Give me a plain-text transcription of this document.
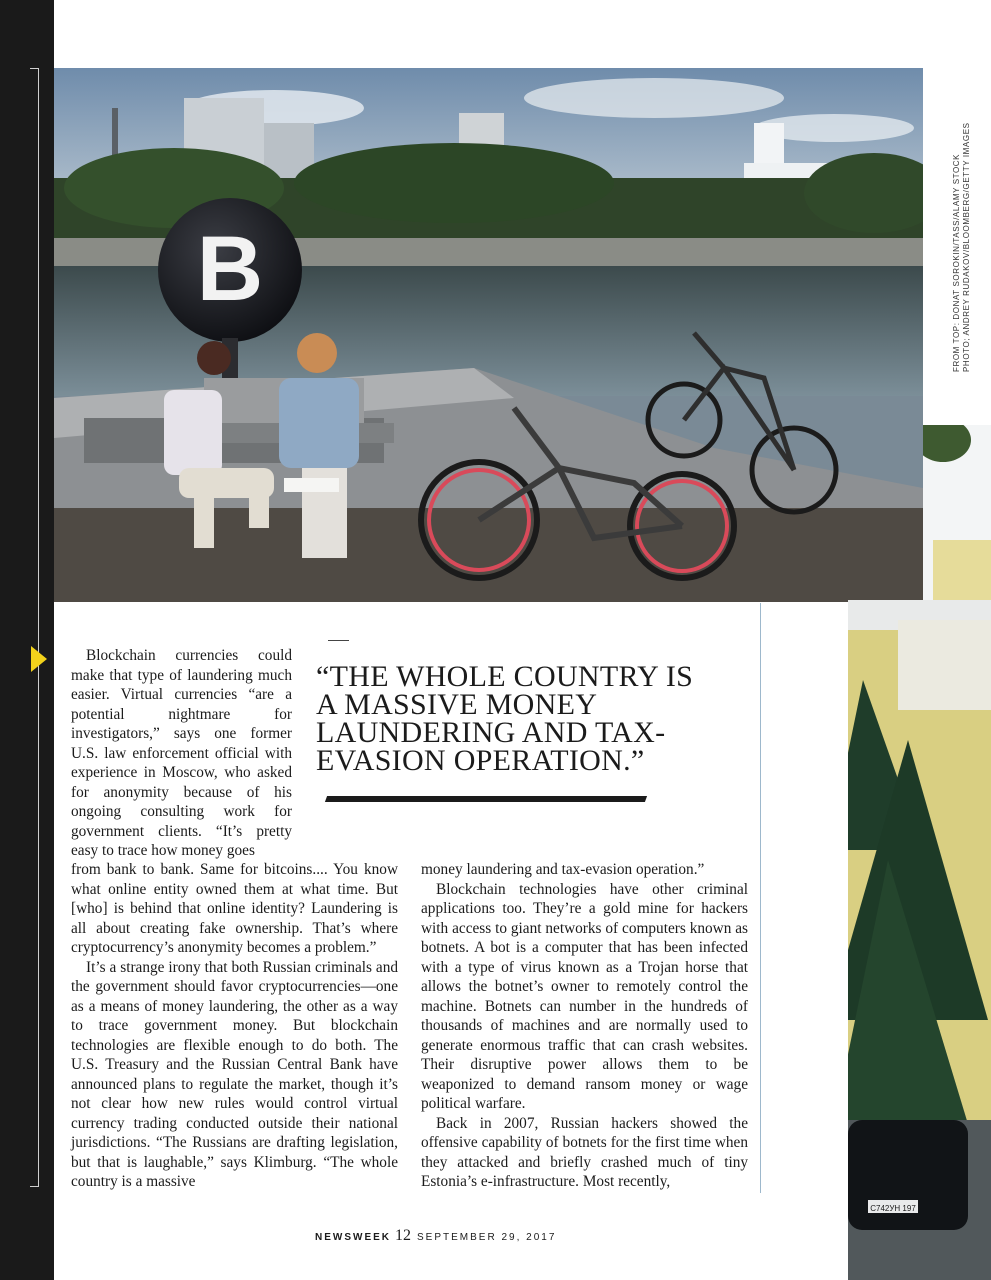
B
С742УН 197
FROM TOP: DONAT SOROKIN/TASS/ALAMY STOCK PHOTO; ANDREY RUDAKOV/BLOOMBERG/GETTY IMAGES
“THE WHOLE COUNTRY IS A MASSIVE MONEY LAUNDERING AND TAX-EVASION OPERATION.”

Blockchain currencies could make that type of laundering much easier. Virtual currencies “are a potential nightmare for investigators,” says one former U.S. law enforcement official with experience in Moscow, who asked for anonymity because of his ongoing consulting work for government clients. “It’s pretty easy to trace how money goes

from bank to bank. Same for bitcoins.... You know what online entity owned them at what time. But [who] is behind that online identity? Laundering is all about creating fake ownership. That’s where cryptocurrency’s anonymity becomes a problem.”

It’s a strange irony that both Russian criminals and the government should favor cryptocurrencies—one as a means of money laundering, the other as a way to trace government money. But blockchain technologies are flexible enough to do both. The U.S. Treasury and the Russian Central Bank have announced plans to regulate the market, though it’s not clear how new rules would control virtual currency trading conducted outside their national jurisdictions. “The Russians are drafting legislation, but that is laughable,” says Klimburg. “The whole country is a massive

money laundering and tax-evasion operation.”

Blockchain technologies have other criminal applications too. They’re a gold mine for hackers with access to giant networks of computers known as botnets. A bot is a computer that has been infected with a type of virus known as a Trojan horse that allows the botnet’s owner to remotely control the machine. Botnets can number in the hundreds of thousands of machines and are normally used to generate enormous traffic that can crash websites. Their disruptive power allows them to be weaponized to demand ransom money or wage political warfare.

Back in 2007, Russian hackers showed the offensive capability of botnets for the first time when they attacked and briefly crashed much of tiny Estonia’s e-infrastructure. Most recently,

NEWSWEEK 12 SEPTEMBER 29, 2017
